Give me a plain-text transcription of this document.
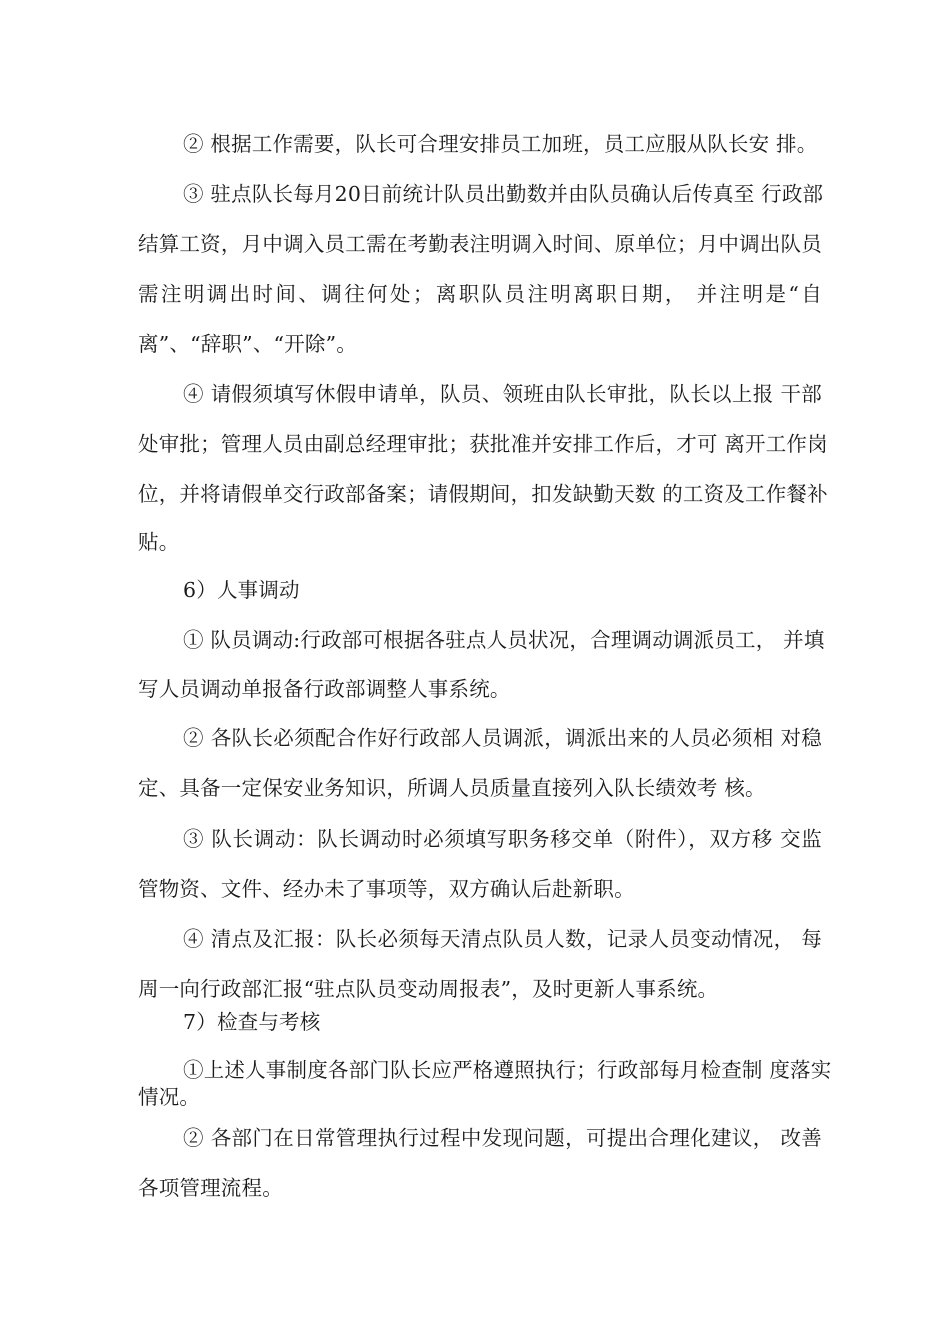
② 根据工作需要，队长可合理安排员工加班，员工应服从队长安 排。

③ 驻点队长每月20日前统计队员出勤数并由队员确认后传真至 行政部

结算工资，月中调入员工需在考勤表注明调入时间、原单位；月中调出队员

需注明调出时间、调往何处；离职队员注明离职日期， 并注明是“自

离”、“辞职”、“开除”。

④ 请假须填写休假申请单，队员、领班由队长审批，队长以上报 干部

处审批；管理人员由副总经理审批；获批准并安排工作后，才可 离开工作岗

位，并将请假单交行政部备案；请假期间，扣发缺勤天数 的工资及工作餐补

贴。

6）人事调动

① 队员调动:行政部可根据各驻点人员状况，合理调动调派员工， 并填

写人员调动单报备行政部调整人事系统。

② 各队长必须配合作好行政部人员调派，调派出来的人员必须相 对稳

定、具备一定保安业务知识，所调人员质量直接列入队长绩效考 核。

③ 队长调动：队长调动时必须填写职务移交单（附件），双方移 交监

管物资、文件、经办未了事项等，双方确认后赴新职。

④ 清点及汇报：队长必须每天清点队员人数，记录人员变动情况， 每

周一向行政部汇报“驻点队员变动周报表”，及时更新人事系统。

7）检查与考核

①上述人事制度各部门队长应严格遵照执行；行政部每月检查制 度落实

情况。

② 各部门在日常管理执行过程中发现问题，可提出合理化建议， 改善

各项管理流程。
